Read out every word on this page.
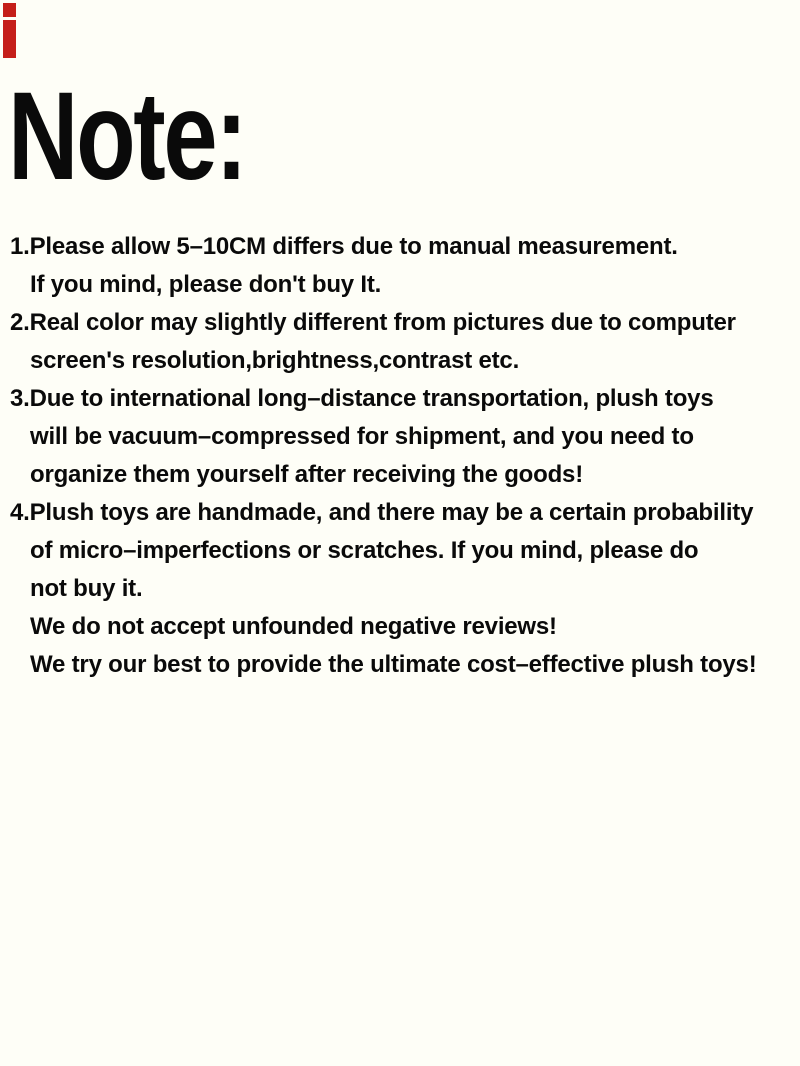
Note:
1.Please allow 5–10CM differs due to manual measurement.
If you mind, please don't buy It.
2.Real color may slightly different from pictures due to computer
screen's resolution,brightness,contrast etc.
3.Due to international long–distance transportation, plush toys
will be vacuum–compressed for shipment, and you need to
organize them yourself after receiving the goods!
4.Plush toys are handmade, and there may be a certain probability
of micro–imperfections or scratches. If you mind, please do
not buy it.
We do not accept unfounded negative reviews!
We try our best to provide the ultimate cost–effective plush toys!
